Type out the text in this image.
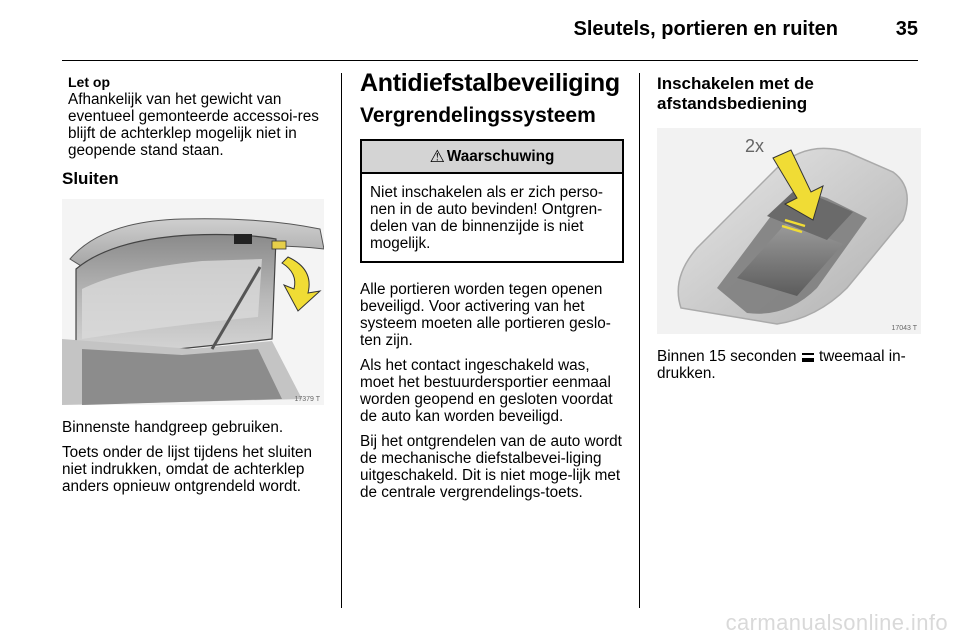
Sleutels, portieren en ruiten	35
Let op
Afhankelijk van het gewicht van eventueel gemonteerde accessoi-res blijft de achterklep mogelijk niet in geopende stand staan.
Sluiten
17379 T
Binnenste handgreep gebruiken.
Toets onder de lijst tijdens het sluiten niet indrukken, omdat de achterklep anders opnieuw ontgrendeld wordt.
Antidiefstalbeveiliging
Vergrendelingssysteem
⚠ Waarschuwing
Niet inschakelen als er zich perso-nen in de auto bevinden! Ontgren-delen van de binnenzijde is niet mogelijk.
Alle portieren worden tegen openen beveiligd. Voor activering van het systeem moeten alle portieren geslo-ten zijn.
Als het contact ingeschakeld was, moet het bestuurdersportier eenmaal worden geopend en gesloten voordat de auto kan worden beveiligd.
Bij het ontgrendelen van de auto wordt de mechanische diefstalbevei-liging uitgeschakeld. Dit is niet moge-lijk met de centrale vergrendelings-toets.
Inschakelen met de afstandsbediening
2x
17043 T
Binnen 15 seconden tweemaal in-drukken.
carmanualsonline.info
